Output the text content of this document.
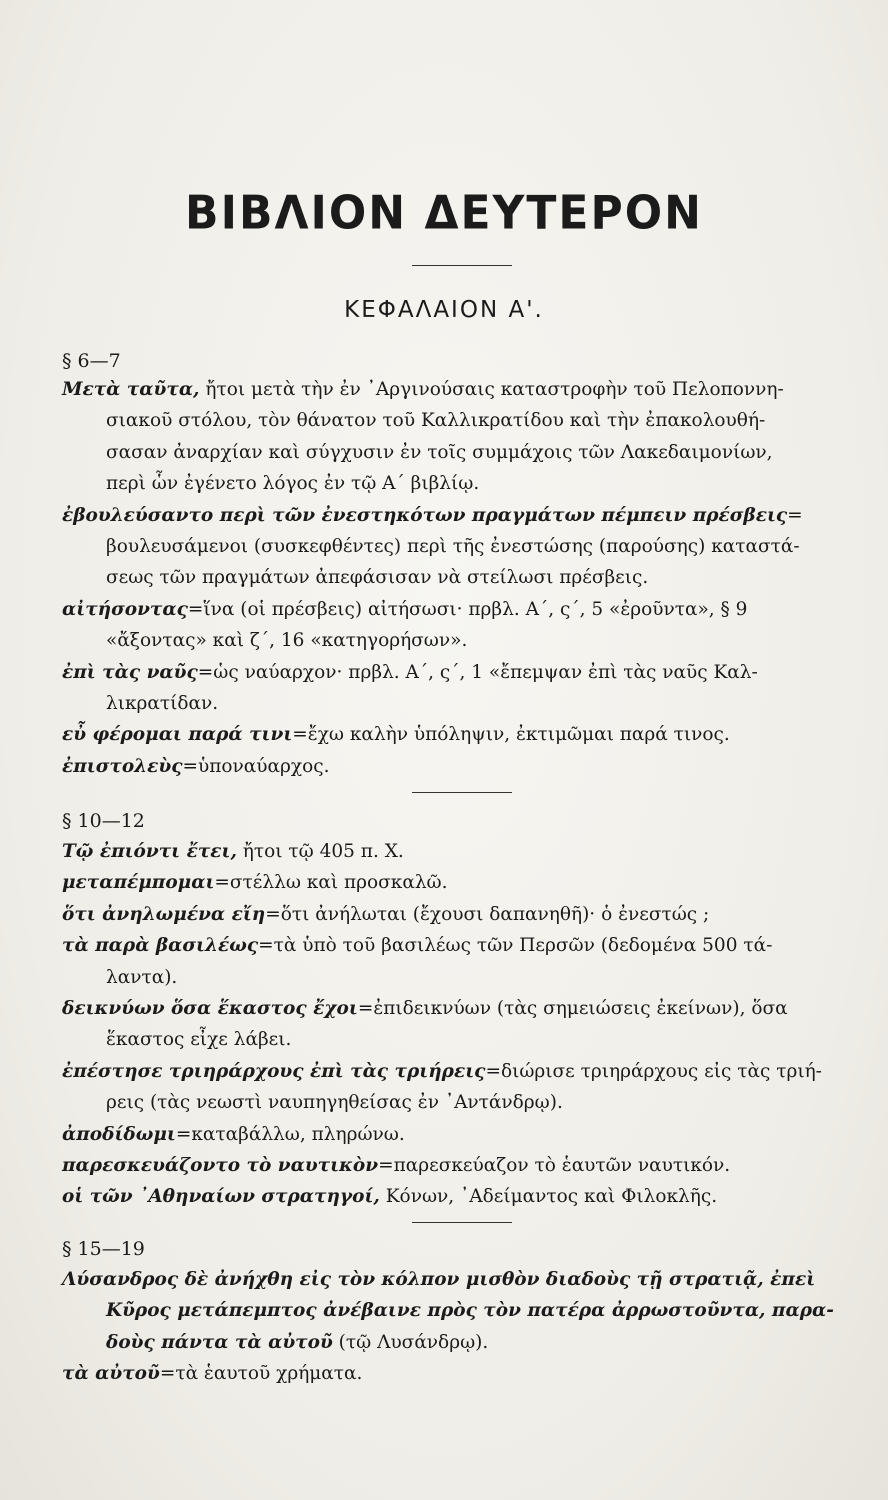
ΒΙΒΛΙΟΝ ΔΕΥΤΕΡΟΝ
ΚΕΦΑΛΑΙΟΝ Α'.
§ 6—7
Μετὰ ταῦτα, ἤτοι μετὰ τὴν ἐν ᾿Αργινούσαις καταστροφὴν τοῦ Πελοποννη-
σιακοῦ στόλου, τὸν θάνατον τοῦ Καλλικρατίδου καὶ τὴν ἐπακολουθή-
σασαν ἀναρχίαν καὶ σύγχυσιν ἐν τοῖς συμμάχοις τῶν Λακεδαιμονίων,
περὶ ὧν ἐγένετο λόγος ἐν τῷ Α΄ βιβλίῳ.
ἐβουλεύσαντο περὶ τῶν ἐνεστηκότων πραγμάτων πέμπειν πρέσβεις=
βουλευσάμενοι (συσκεφθέντες) περὶ τῆς ἐνεστώσης (παρούσης) καταστά-
σεως τῶν πραγμάτων ἀπεφάσισαν νὰ στείλωσι πρέσβεις.
αἰτήσοντας=ἵνα (οἱ πρέσβεις) αἰτήσωσι· πρβλ. Α΄, ς΄, 5 «ἐροῦντα», § 9
«ἄξοντας» καὶ ζ΄, 16 «κατηγορήσων».
ἐπὶ τὰς ναῦς=ὡς ναύαρχον· πρβλ. Α΄, ς΄, 1 «ἔπεμψαν ἐπὶ τὰς ναῦς Καλ-
λικρατίδαν.
εὖ φέρομαι παρά τινι=ἔχω καλὴν ὑπόληψιν, ἐκτιμῶμαι παρά τινος.
ἐπιστολεὺς=ὑποναύαρχος.
§ 10—12
Τῷ ἐπιόντι ἔτει, ἤτοι τῷ 405 π. Χ.
μεταπέμπομαι=στέλλω καὶ προσκαλῶ.
ὅτι ἀνηλωμένα εἴη=ὅτι ἀνήλωται (ἔχουσι δαπανηθῆ)· ὁ ἐνεστώς ;
τὰ παρὰ βασιλέως=τὰ ὑπὸ τοῦ βασιλέως τῶν Περσῶν (δεδομένα 500 τά-
λαντα).
δεικνύων ὅσα ἕκαστος ἔχοι=ἐπιδεικνύων (τὰς σημειώσεις ἐκείνων), ὅσα
ἕκαστος εἶχε λάβει.
ἐπέστησε τριηράρχους ἐπὶ τὰς τριήρεις=διώρισε τριηράρχους εἰς τὰς τριή-
ρεις (τὰς νεωστὶ ναυπηγηθείσας ἐν ᾿Αντάνδρῳ).
ἀποδίδωμι=καταβάλλω, πληρώνω.
παρεσκευάζοντο τὸ ναυτικὸν=παρεσκεύαζον τὸ ἑαυτῶν ναυτικόν.
οἱ τῶν ᾿Αθηναίων στρατηγοί, Κόνων, ᾿Αδείμαντος καὶ Φιλοκλῆς.
§ 15—19
Λύσανδρος δὲ ἀνήχθη εἰς τὸν κόλπον μισθὸν διαδοὺς τῇ στρατιᾷ, ἐπεὶ
Κῦρος μετάπεμπτος ἀνέβαινε πρὸς τὸν πατέρα ἀρρωστοῦντα, παρα-
δοὺς πάντα τὰ αὐτοῦ (τῷ Λυσάνδρῳ).
τὰ αὐτοῦ=τὰ ἑαυτοῦ χρήματα.
